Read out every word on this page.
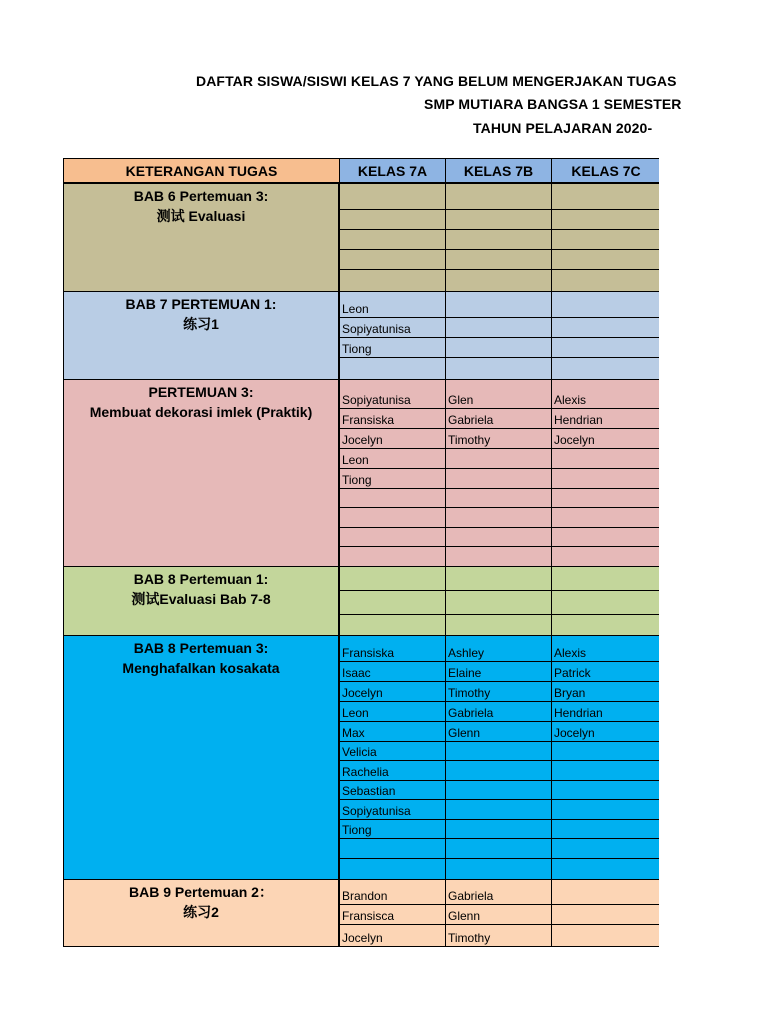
DAFTAR SISWA/SISWI KELAS 7 YANG BELUM MENGERJAKAN TUGAS
SMP MUTIARA BANGSA 1 SEMESTER
TAHUN PELAJARAN 2020-
KETERANGAN TUGAS	KELAS 7A	KELAS 7B	KELAS 7C
BAB 6 Pertemuan 3:
测试 Evaluasi
BAB 7 PERTEMUAN 1:
练习1
Leon
Sopiyatunisa
Tiong
PERTEMUAN 3:
Membuat dekorasi imlek (Praktik)
Sopiyatunisa	Glen	Alexis
Fransiska	Gabriela	Hendrian
Jocelyn	Timothy	Jocelyn
Leon
Tiong
BAB 8 Pertemuan 1:
测试Evaluasi Bab 7-8
BAB 8 Pertemuan 3:
Menghafalkan kosakata
Fransiska	Ashley	Alexis
Isaac	Elaine	Patrick
Jocelyn	Timothy	Bryan
Leon	Gabriela	Hendrian
Max	Glenn	Jocelyn
Velicia
Rachelia
Sebastian
Sopiyatunisa
Tiong
BAB 9 Pertemuan 2：
练习2
Brandon	Gabriela
Fransisca	Glenn
Jocelyn	Timothy
